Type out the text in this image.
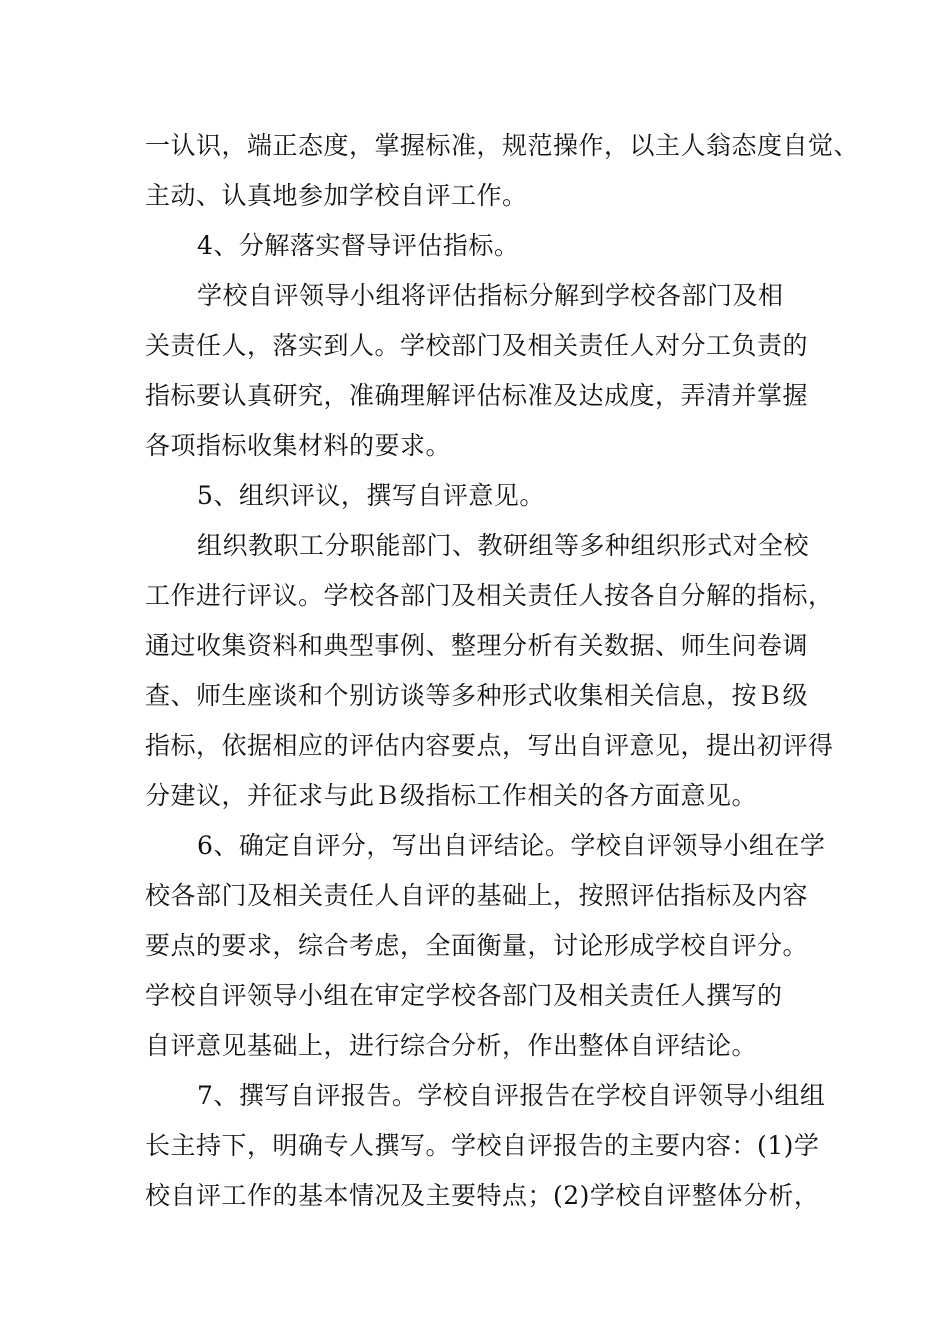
一认识，端正态度，掌握标准，规范操作，以主人翁态度自觉、
主动、认真地参加学校自评工作。
4、分解落实督导评估指标。
学校自评领导小组将评估指标分解到学校各部门及相
关责任人，落实到人。学校部门及相关责任人对分工负责的
指标要认真研究，准确理解评估标准及达成度，弄清并掌握
各项指标收集材料的要求。
5、组织评议，撰写自评意见。
组织教职工分职能部门、教研组等多种组织形式对全校
工作进行评议。学校各部门及相关责任人按各自分解的指标，
通过收集资料和典型事例、整理分析有关数据、师生问卷调
查、师生座谈和个别访谈等多种形式收集相关信息，按Ｂ级
指标，依据相应的评估内容要点，写出自评意见，提出初评得
分建议，并征求与此Ｂ级指标工作相关的各方面意见。
6、确定自评分，写出自评结论。学校自评领导小组在学
校各部门及相关责任人自评的基础上，按照评估指标及内容
要点的要求，综合考虑，全面衡量，讨论形成学校自评分。
学校自评领导小组在审定学校各部门及相关责任人撰写的
自评意见基础上，进行综合分析，作出整体自评结论。
7、撰写自评报告。学校自评报告在学校自评领导小组组
长主持下，明确专人撰写。学校自评报告的主要内容：(1)学
校自评工作的基本情况及主要特点；(2)学校自评整体分析，
